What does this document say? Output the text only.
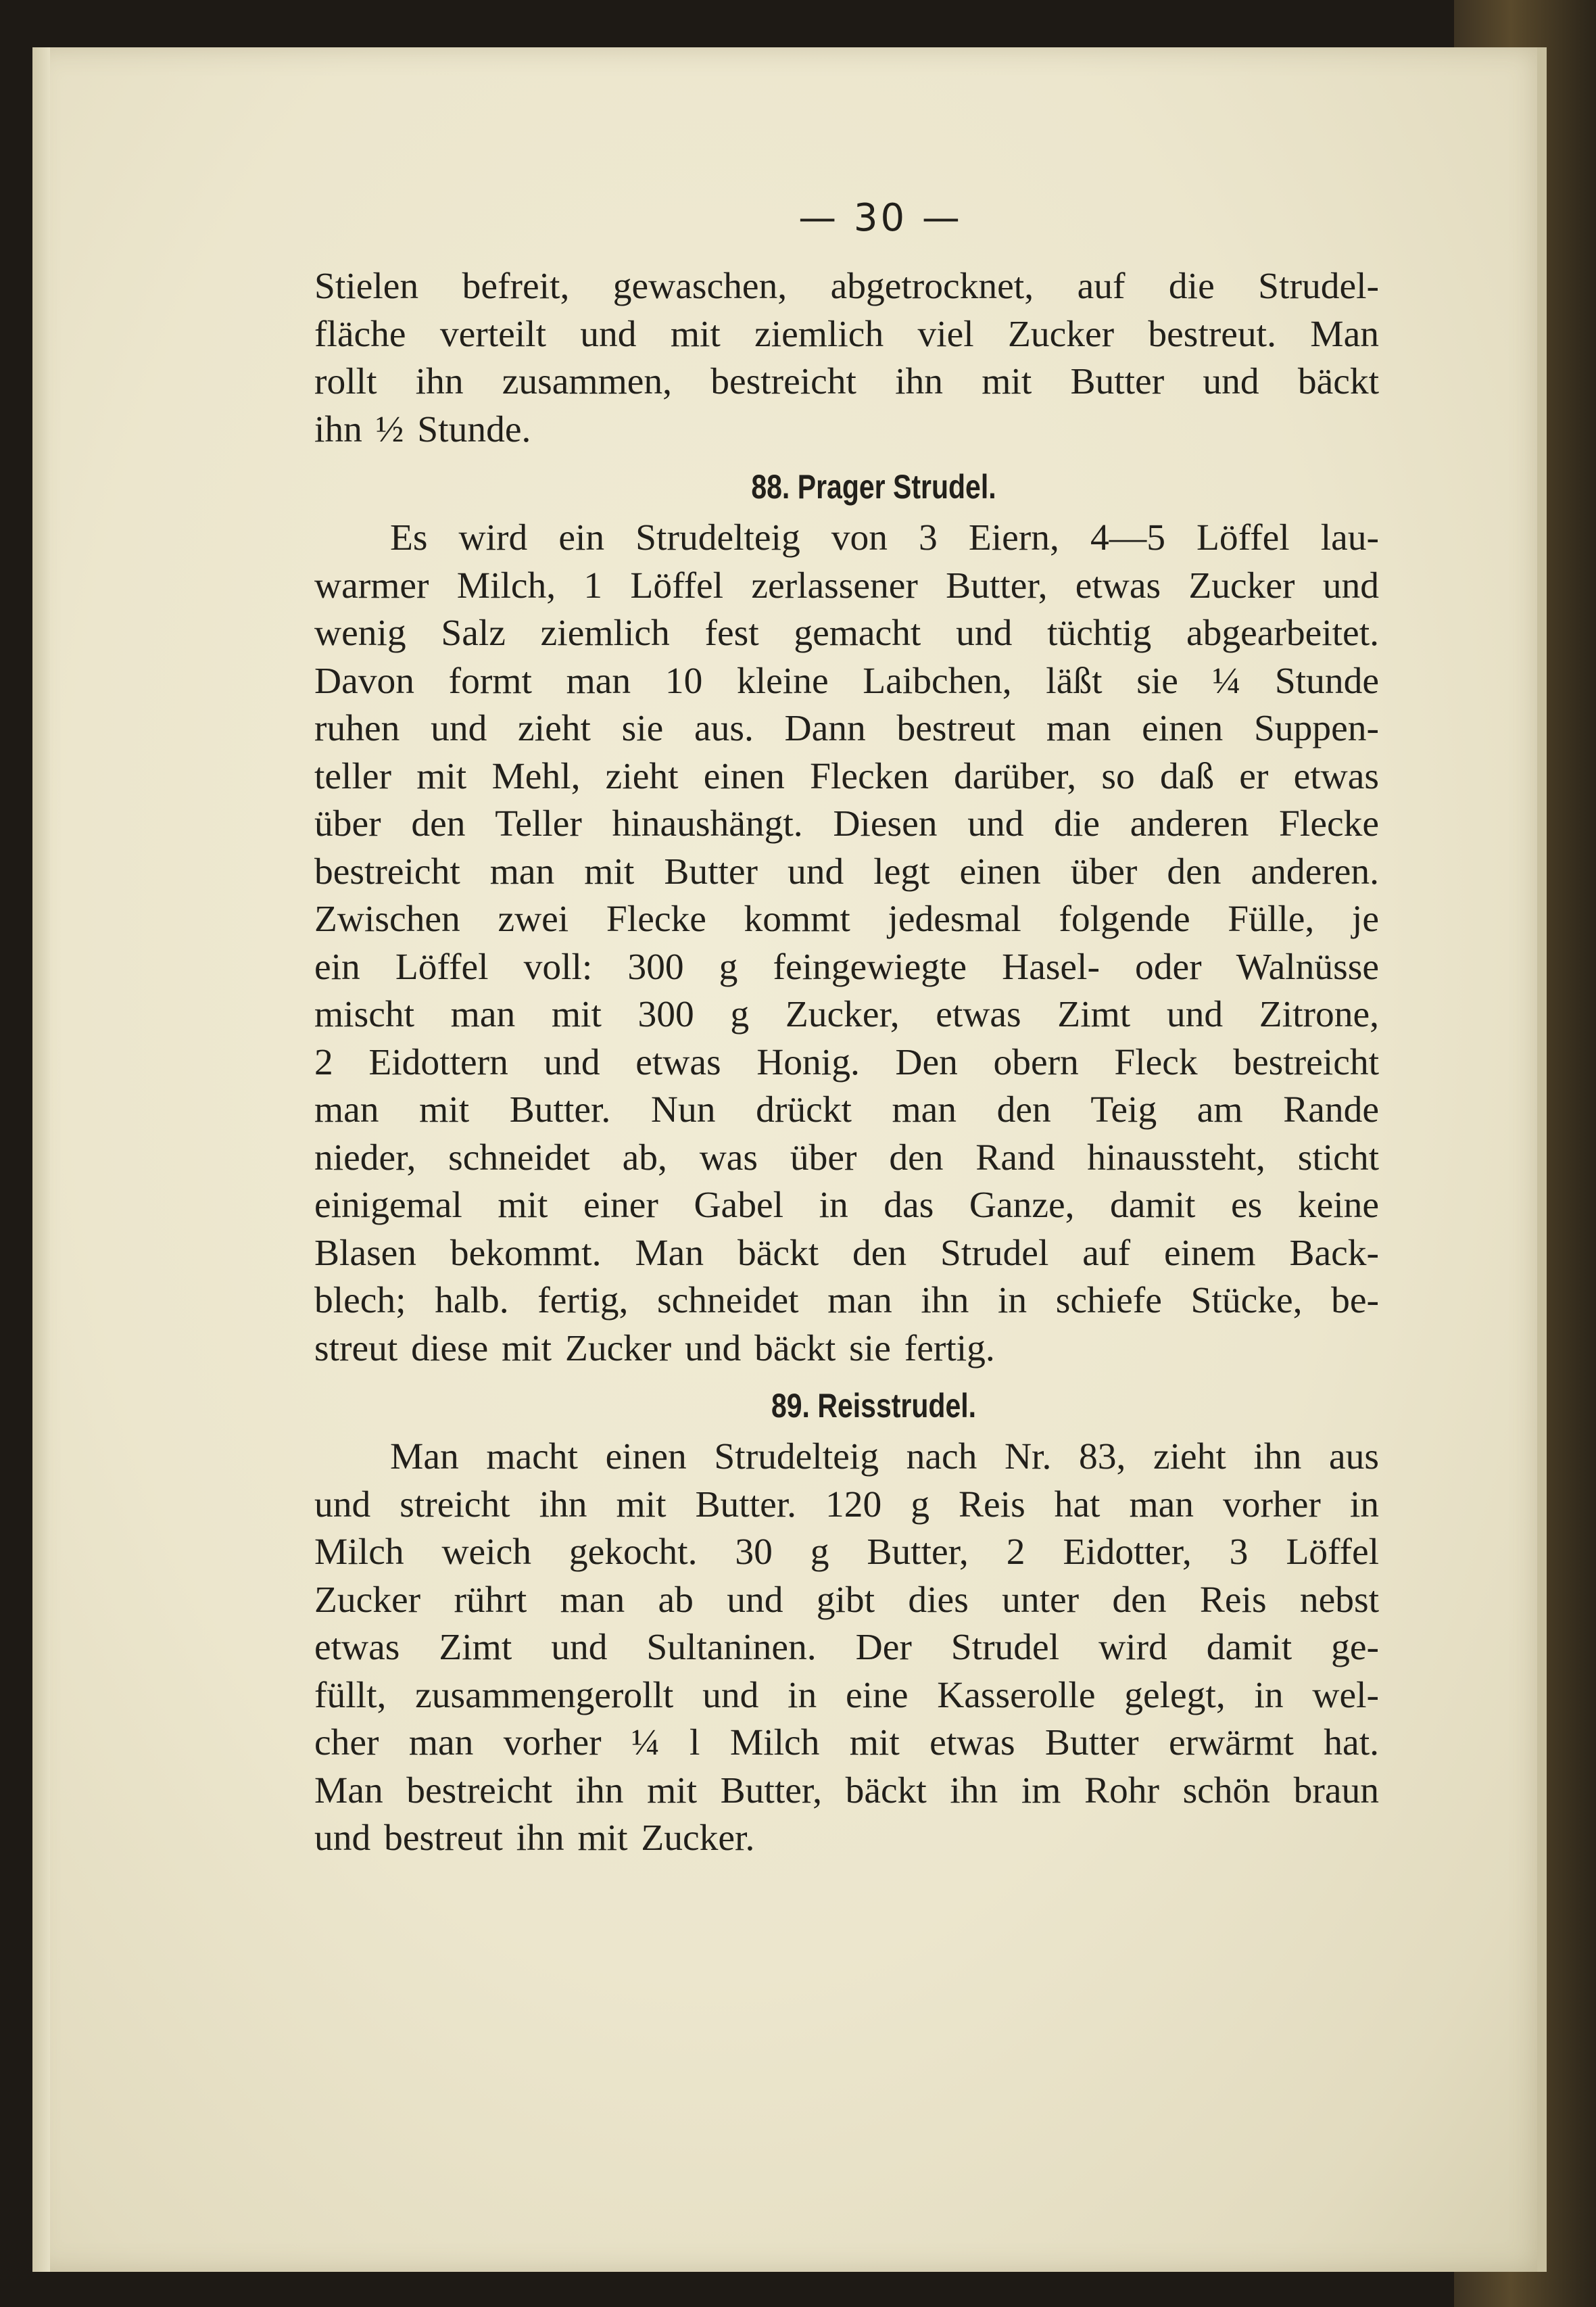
— 30 —
Stielen befreit, gewaschen, abgetrocknet, auf die Strudel-
fläche verteilt und mit ziemlich viel Zucker bestreut. Man
rollt ihn zusammen, bestreicht ihn mit Butter und bäckt
ihn ½ Stunde.
88. Prager Strudel.
Es wird ein Strudelteig von 3 Eiern, 4—5 Löffel lau-
warmer Milch, 1 Löffel zerlassener Butter, etwas Zucker und
wenig Salz ziemlich fest gemacht und tüchtig abgearbeitet.
Davon formt man 10 kleine Laibchen, läßt sie ¼ Stunde
ruhen und zieht sie aus. Dann bestreut man einen Suppen-
teller mit Mehl, zieht einen Flecken darüber, so daß er etwas
über den Teller hinaushängt. Diesen und die anderen Flecke
bestreicht man mit Butter und legt einen über den anderen.
Zwischen zwei Flecke kommt jedesmal folgende Fülle, je
ein Löffel voll: 300 g feingewiegte Hasel- oder Walnüsse
mischt man mit 300 g Zucker, etwas Zimt und Zitrone,
2 Eidottern und etwas Honig. Den obern Fleck bestreicht
man mit Butter. Nun drückt man den Teig am Rande
nieder, schneidet ab, was über den Rand hinaussteht, sticht
einigemal mit einer Gabel in das Ganze, damit es keine
Blasen bekommt. Man bäckt den Strudel auf einem Back-
blech; halb. fertig, schneidet man ihn in schiefe Stücke, be-
streut diese mit Zucker und bäckt sie fertig.
89. Reisstrudel.
Man macht einen Strudelteig nach Nr. 83, zieht ihn aus
und streicht ihn mit Butter. 120 g Reis hat man vorher in
Milch weich gekocht. 30 g Butter, 2 Eidotter, 3 Löffel
Zucker rührt man ab und gibt dies unter den Reis nebst
etwas Zimt und Sultaninen. Der Strudel wird damit ge-
füllt, zusammengerollt und in eine Kasserolle gelegt, in wel-
cher man vorher ¼ l Milch mit etwas Butter erwärmt hat.
Man bestreicht ihn mit Butter, bäckt ihn im Rohr schön braun
und bestreut ihn mit Zucker.
